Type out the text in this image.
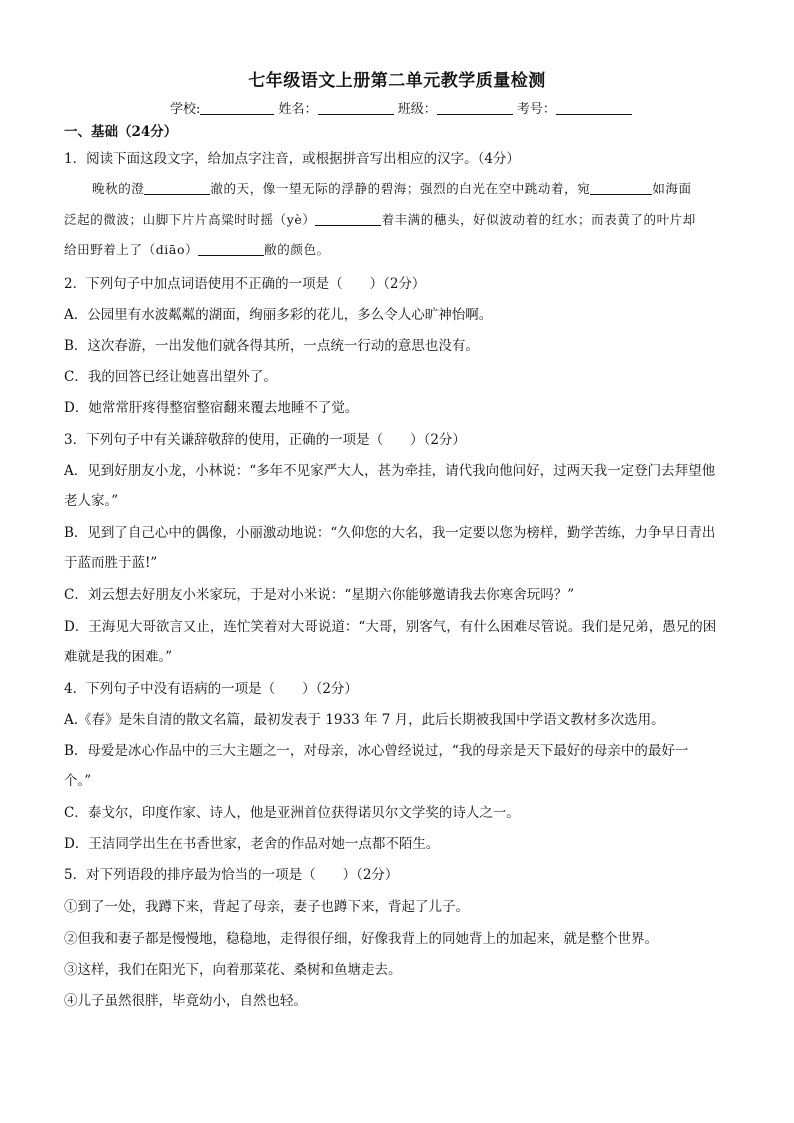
七年级语文上册第二单元教学质量检测
学校:	姓名：	班级：	考号：
一、基础（24分）
1．阅读下面这段文字，给加点字注音，或根据拼音写出相应的汉字。（4分）
晚秋的澄	澈的天，像一望无际的浮静的碧海；强烈的白光在空中跳动着，宛	如海面
泛起的微波；山脚下片片高粱时时摇（yè）	着丰满的穗头，好似波动着的红水；而表黄了的叶片却
给田野着上了（diāo）	敝的颜色。
2．下列句子中加点词语使用不正确的一项是（　　）（2分）
A．公园里有水波粼粼的湖面，绚丽多彩的花儿，多么令人心旷神怡啊。
B．这次春游，一出发他们就各得其所，一点统一行动的意思也没有。
C．我的回答已经让她喜出望外了。
D．她常常肝疼得整宿整宿翻来覆去地睡不了觉。
3．下列句子中有关谦辞敬辞的使用，正确的一项是（　　）（2分）
A．见到好朋友小龙，小林说：“多年不见家严大人，甚为牵挂，请代我向他问好，过两天我一定登门去拜望他
老人家。”
B．见到了自己心中的偶像，小丽激动地说：“久仰您的大名，我一定要以您为榜样，勤学苦练，力争早日青出
于蓝而胜于蓝!”
C．刘云想去好朋友小米家玩，于是对小米说：“星期六你能够邀请我去你寒舍玩吗？”
D．王海见大哥欲言又止，连忙笑着对大哥说道：“大哥，别客气，有什么困难尽管说。我们是兄弟，愚兄的困
难就是我的困难。”
4．下列句子中没有语病的一项是（　　）（2分）
A.《春》是朱自清的散文名篇，最初发表于 1933 年 7 月，此后长期被我国中学语文教材多次选用。
B．母爱是冰心作品中的三大主题之一，对母亲，冰心曾经说过，“我的母亲是天下最好的母亲中的最好一
个。”
C．泰戈尔，印度作家、诗人，他是亚洲首位获得诺贝尔文学奖的诗人之一。
D．王洁同学出生在书香世家，老舍的作品对她一点都不陌生。
5．对下列语段的排序最为恰当的一项是（　　）（2分）
①到了一处，我蹲下来，背起了母亲，妻子也蹲下来，背起了儿子。
②但我和妻子都是慢慢地，稳稳地，走得很仔细，好像我背上的同她背上的加起来，就是整个世界。
③这样，我们在阳光下，向着那菜花、桑树和鱼塘走去。
④儿子虽然很胖，毕竟幼小，自然也轻。
